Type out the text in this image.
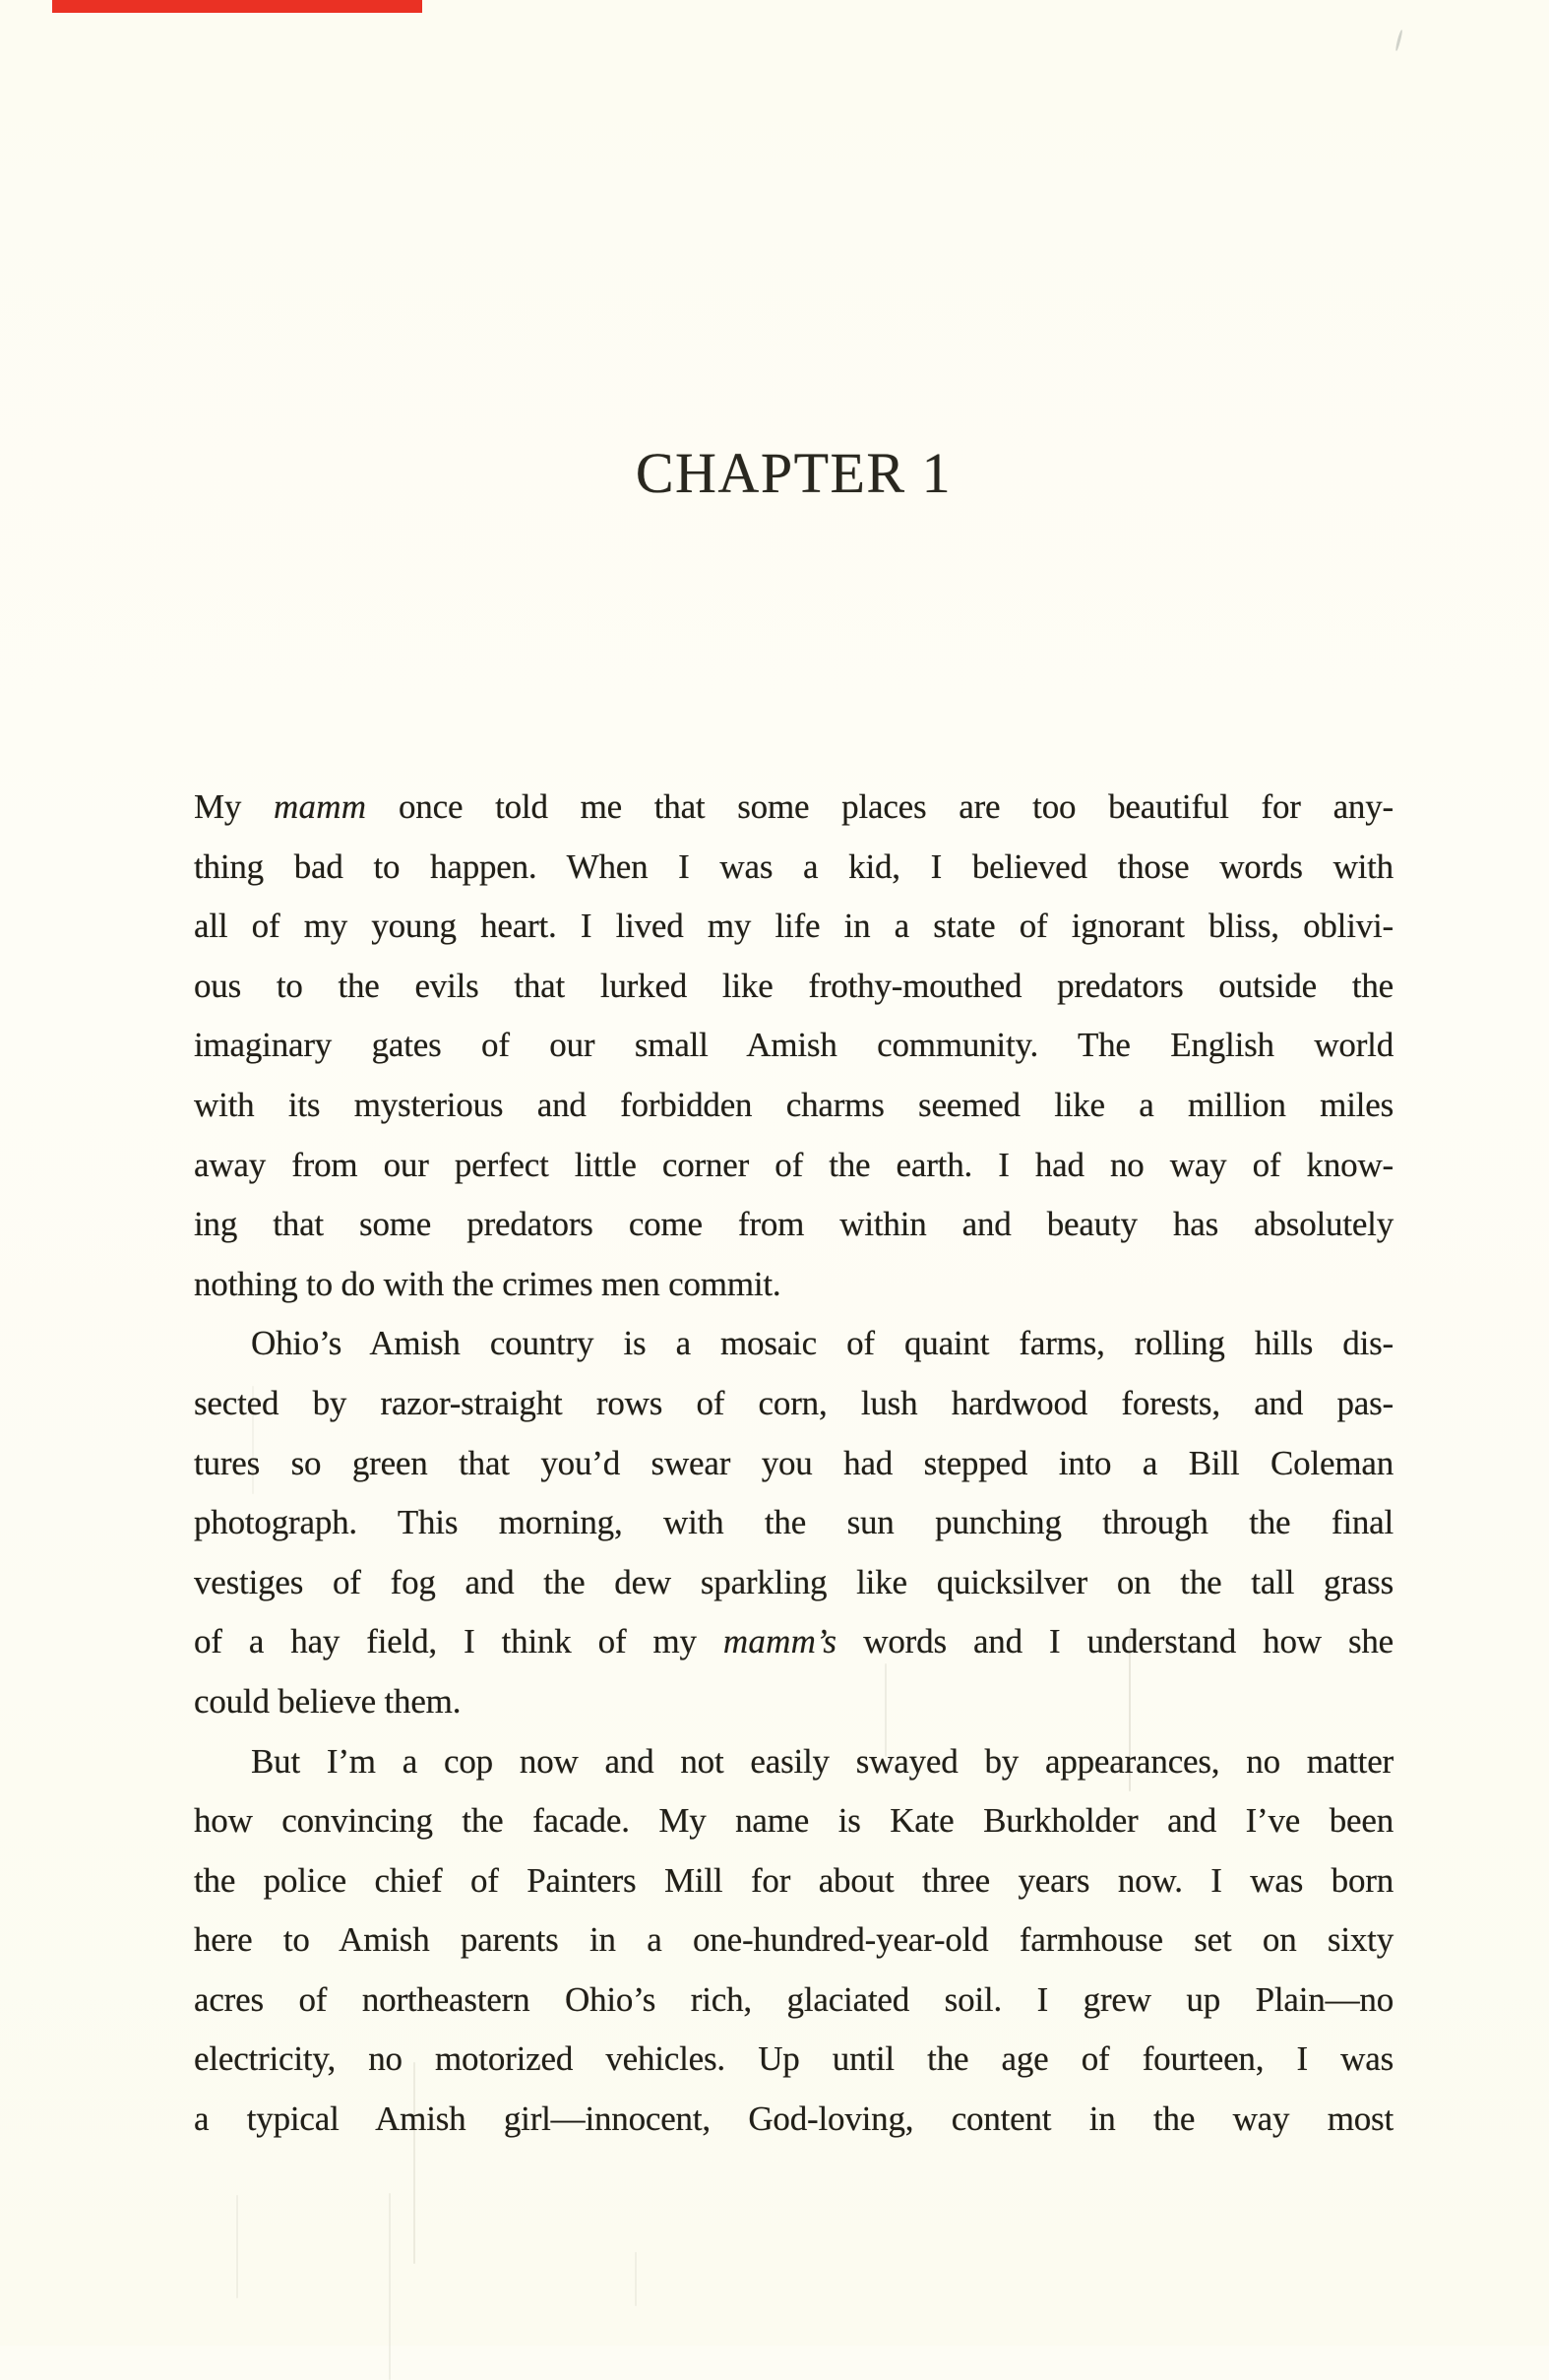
CHAPTER 1
My mamm once told me that some places are too beautiful for any-
thing bad to happen. When I was a kid, I believed those words with
all of my young heart. I lived my life in a state of ignorant bliss, oblivi-
ous to the evils that lurked like frothy-mouthed predators outside the
imaginary gates of our small Amish community. The English world
with its mysterious and forbidden charms seemed like a million miles
away from our perfect little corner of the earth. I had no way of know-
ing that some predators come from within and beauty has absolutely
nothing to do with the crimes men commit.
Ohio’s Amish country is a mosaic of quaint farms, rolling hills dis-
sected by razor-straight rows of corn, lush hardwood forests, and pas-
tures so green that you’d swear you had stepped into a Bill Coleman
photograph. This morning, with the sun punching through the final
vestiges of fog and the dew sparkling like quicksilver on the tall grass
of a hay field, I think of my mamm’s words and I understand how she
could believe them.
But I’m a cop now and not easily swayed by appearances, no matter
how convincing the facade. My name is Kate Burkholder and I’ve been
the police chief of Painters Mill for about three years now. I was born
here to Amish parents in a one-hundred-year-old farmhouse set on sixty
acres of northeastern Ohio’s rich, glaciated soil. I grew up Plain—no
electricity, no motorized vehicles. Up until the age of fourteen, I was
a typical Amish girl—innocent, God-loving, content in the way most
